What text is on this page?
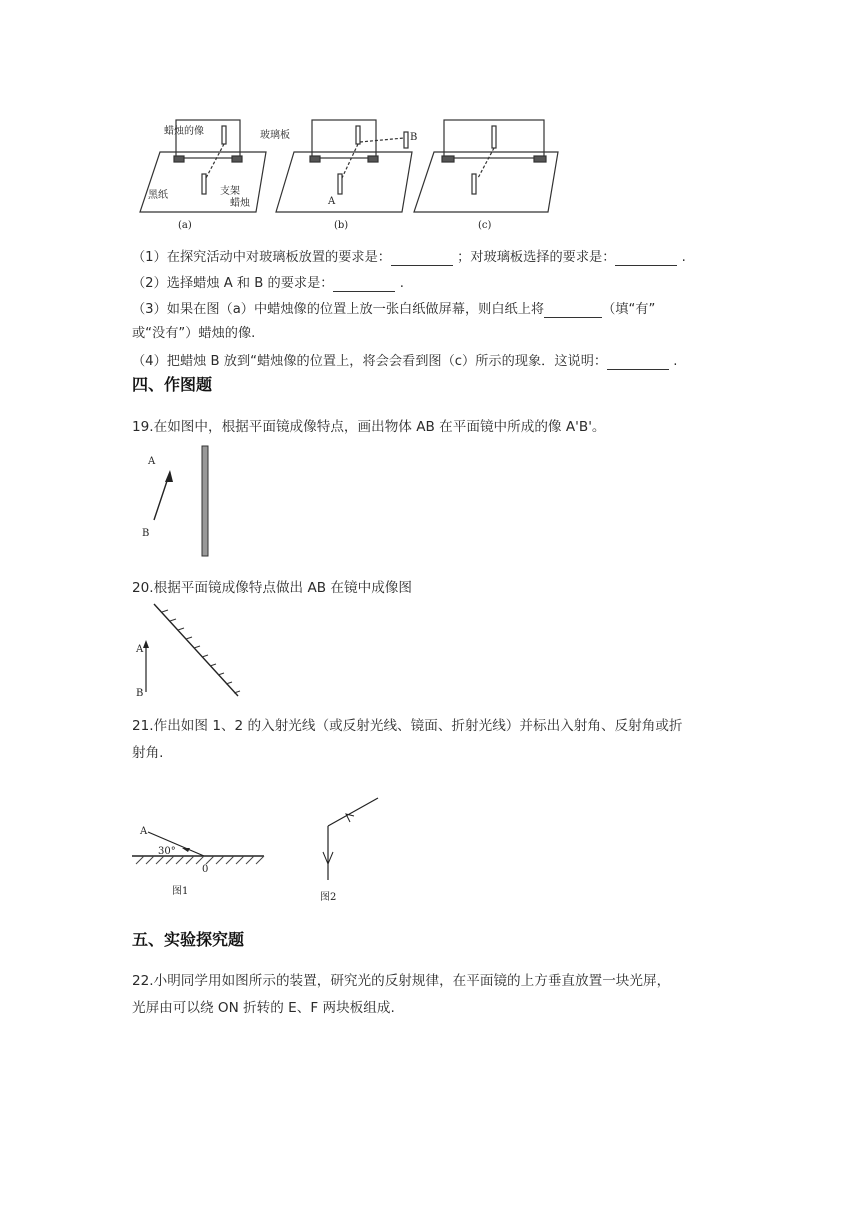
蜡烛的像
黑纸	支架
蜡烛
(a)
玻璃板	B
A
(b)	(c)
（1）在探究活动中对玻璃板放置的要求是：	；对玻璃板选择的要求是：	.
（2）选择蜡烛 A 和 B 的要求是：	.
（3）如果在图（a）中蜡烛像的位置上放一张白纸做屏幕，则白纸上将	（填“有”
或“没有”）蜡烛的像.
（4）把蜡烛 B 放到“蜡烛像的位置上，将会会看到图（c）所示的现象．这说明：	.
四、作图题
19.在如图中，根据平面镜成像特点，画出物体 AB 在平面镜中所成的像 A'B'。
A
B
20.根据平面镜成像特点做出 AB 在镜中成像图
A
B
21.作出如图 1、2 的入射光线（或反射光线、镜面、折射光线）并标出入射角、反射角或折
射角.
A
30°
0
图1
图2
五、实验探究题
22.小明同学用如图所示的装置，研究光的反射规律，在平面镜的上方垂直放置一块光屏，
光屏由可以绕 ON 折转的 E、F 两块板组成.
